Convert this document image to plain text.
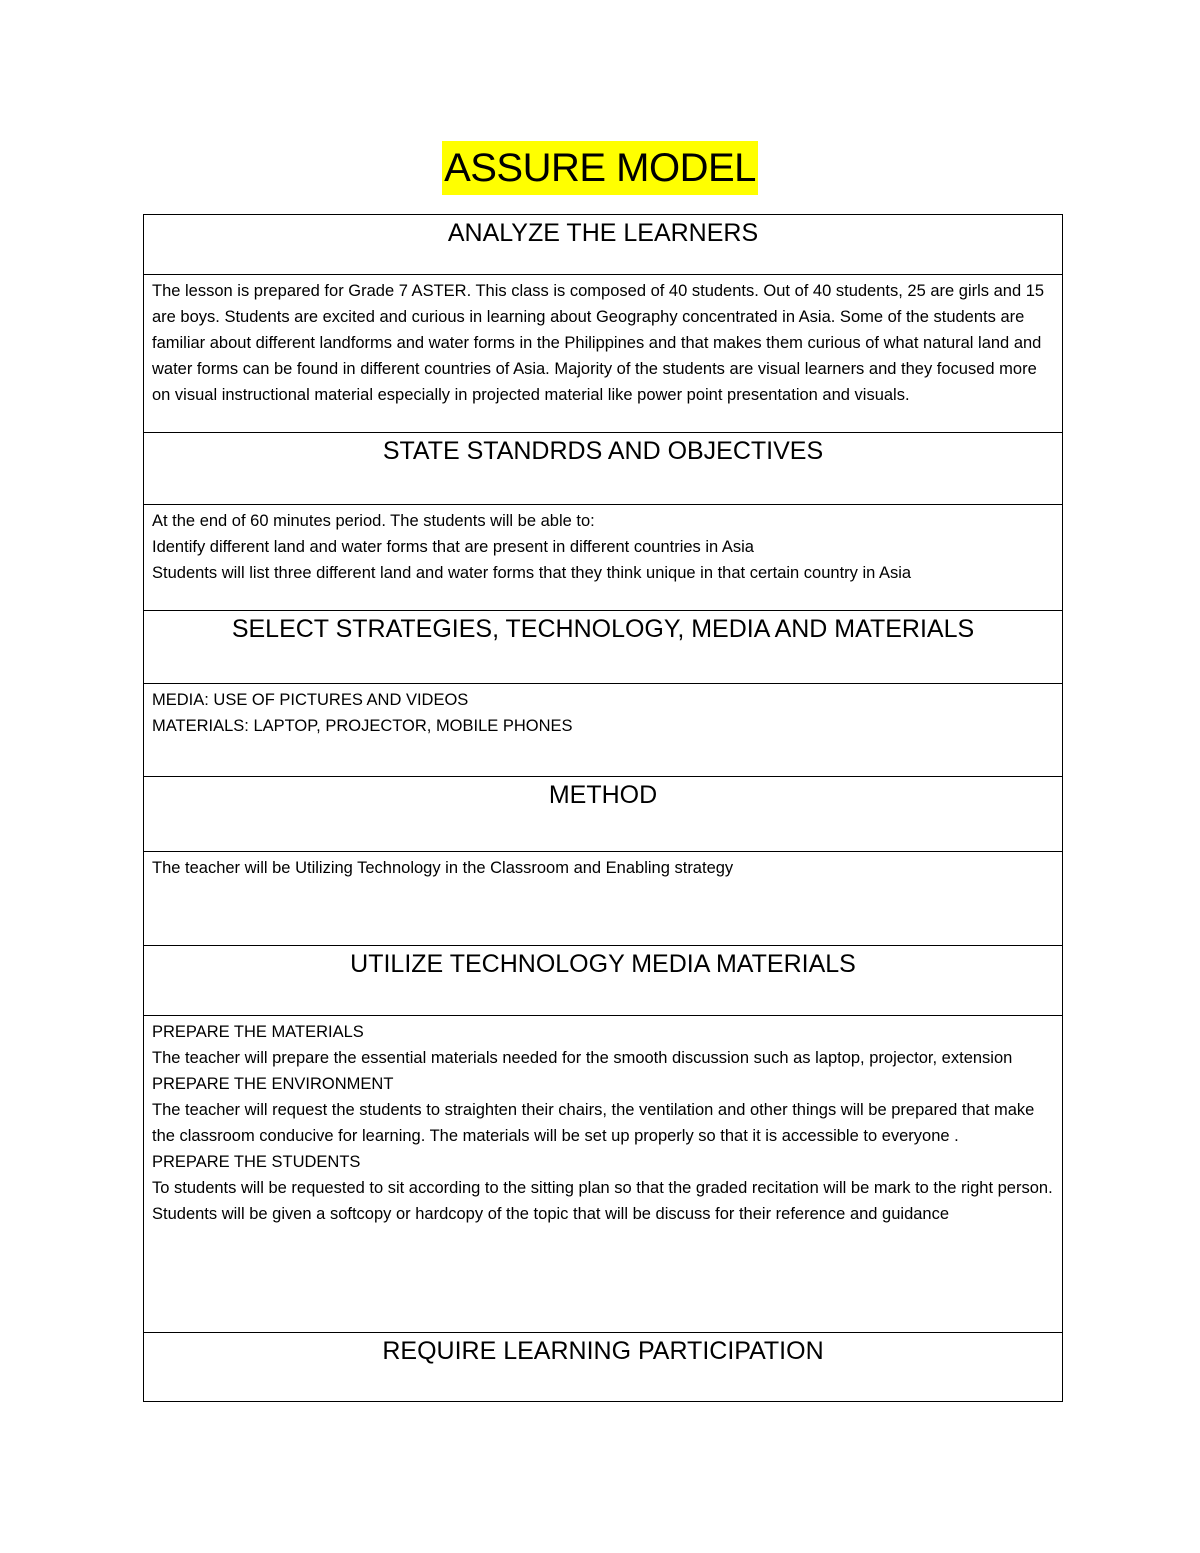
ASSURE MODEL
ANALYZE THE LEARNERS
The lesson is prepared for Grade 7 ASTER. This class is composed of 40 students. Out of 40 students, 25 are girls and 15 are boys. Students are excited and curious in learning about Geography concentrated in Asia. Some of the students are familiar about different landforms and water forms in the Philippines and that makes them curious of what natural land and water forms can be found in different countries of Asia. Majority of the students are visual learners and they focused more on visual instructional material especially in projected material like power point presentation and visuals.
STATE STANDRDS AND OBJECTIVES
At the end of 60 minutes period. The students will be able to:
Identify different land and water forms that are present in different countries in Asia
Students will list three different land and water forms that they think unique in that certain country in Asia
SELECT STRATEGIES, TECHNOLOGY, MEDIA AND MATERIALS
MEDIA: USE OF PICTURES AND VIDEOS
MATERIALS: LAPTOP, PROJECTOR, MOBILE PHONES
METHOD
The teacher will be Utilizing Technology in the Classroom and Enabling strategy
UTILIZE TECHNOLOGY MEDIA MATERIALS
PREPARE THE MATERIALS
The teacher will prepare the essential materials needed for the smooth discussion such as laptop, projector, extension
PREPARE THE ENVIRONMENT
The teacher will request the students to straighten their chairs, the ventilation and other things will be prepared that make the classroom conducive for learning. The materials will be set up properly so that it is accessible to everyone .
PREPARE THE STUDENTS
To students will be requested to sit according to the sitting plan so that the graded recitation will be mark to the right person. Students will be given a softcopy or hardcopy of the topic that will be discuss for their reference and guidance
REQUIRE LEARNING PARTICIPATION
